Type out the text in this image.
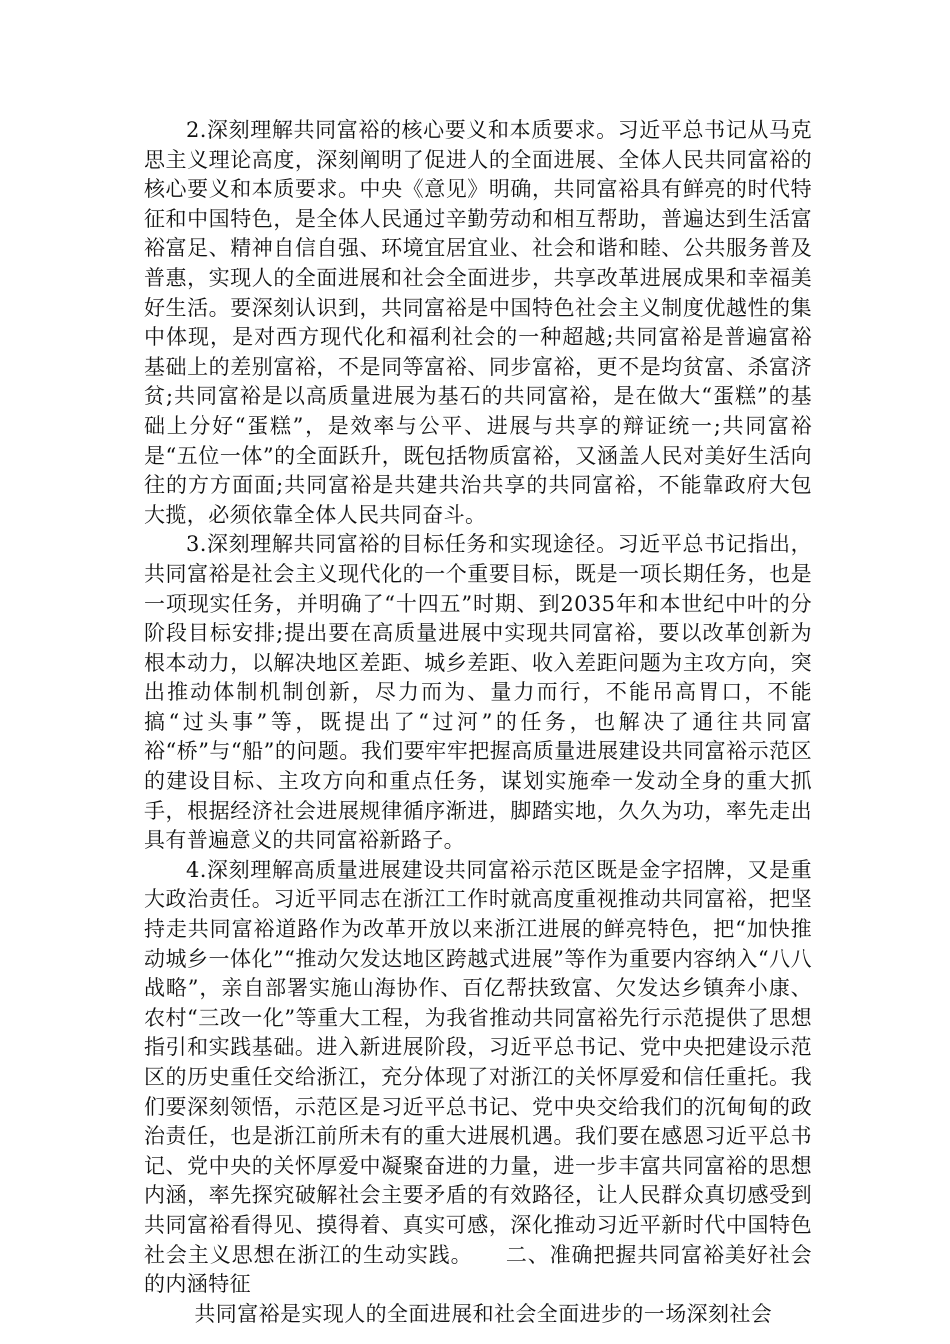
2.深刻理解共同富裕的核心要义和本质要求。习近平总书记从马克思主义理论高度，深刻阐明了促进人的全面进展、全体人民共同富裕的核心要义和本质要求。中央《意见》明确，共同富裕具有鲜亮的时代特征和中国特色，是全体人民通过辛勤劳动和相互帮助，普遍达到生活富裕富足、精神自信自强、环境宜居宜业、社会和谐和睦、公共服务普及普惠，实现人的全面进展和社会全面进步，共享改革进展成果和幸福美好生活。要深刻认识到，共同富裕是中国特色社会主义制度优越性的集中体现，是对西方现代化和福利社会的一种超越;共同富裕是普遍富裕基础上的差别富裕，不是同等富裕、同步富裕，更不是均贫富、杀富济贫;共同富裕是以高质量进展为基石的共同富裕，是在做大“蛋糕”的基础上分好“蛋糕”，是效率与公平、进展与共享的辩证统一;共同富裕是“五位一体”的全面跃升，既包括物质富裕，又涵盖人民对美好生活向往的方方面面;共同富裕是共建共治共享的共同富裕，不能靠政府大包大揽，必须依靠全体人民共同奋斗。

3.深刻理解共同富裕的目标任务和实现途径。习近平总书记指出，共同富裕是社会主义现代化的一个重要目标，既是一项长期任务，也是一项现实任务，并明确了“十四五”时期、到2035年和本世纪中叶的分阶段目标安排;提出要在高质量进展中实现共同富裕，要以改革创新为根本动力，以解决地区差距、城乡差距、收入差距问题为主攻方向，突出推动体制机制创新，尽力而为、量力而行，不能吊高胃口，不能搞“过头事”等，既提出了“过河”的任务，也解决了通往共同富裕“桥”与“船”的问题。我们要牢牢把握高质量进展建设共同富裕示范区的建设目标、主攻方向和重点任务，谋划实施牵一发动全身的重大抓手，根据经济社会进展规律循序渐进，脚踏实地，久久为功，率先走出具有普遍意义的共同富裕新路子。

4.深刻理解高质量进展建设共同富裕示范区既是金字招牌，又是重大政治责任。习近平同志在浙江工作时就高度重视推动共同富裕，把坚持走共同富裕道路作为改革开放以来浙江进展的鲜亮特色，把“加快推动城乡一体化”“推动欠发达地区跨越式进展”等作为重要内容纳入“八八战略”，亲自部署实施山海协作、百亿帮扶致富、欠发达乡镇奔小康、农村“三改一化”等重大工程，为我省推动共同富裕先行示范提供了思想指引和实践基础。进入新进展阶段，习近平总书记、党中央把建设示范区的历史重任交给浙江，充分体现了对浙江的关怀厚爱和信任重托。我们要深刻领悟，示范区是习近平总书记、党中央交给我们的沉甸甸的政治责任，也是浙江前所未有的重大进展机遇。我们要在感恩习近平总书记、党中央的关怀厚爱中凝聚奋进的力量，进一步丰富共同富裕的思想内涵，率先探究破解社会主要矛盾的有效路径，让人民群众真切感受到共同富裕看得见、摸得着、真实可感，深化推动习近平新时代中国特色社会主义思想在浙江的生动实践。　　二、准确把握共同富裕美好社会的内涵特征

共同富裕是实现人的全面进展和社会全面进步的一场深刻社会
